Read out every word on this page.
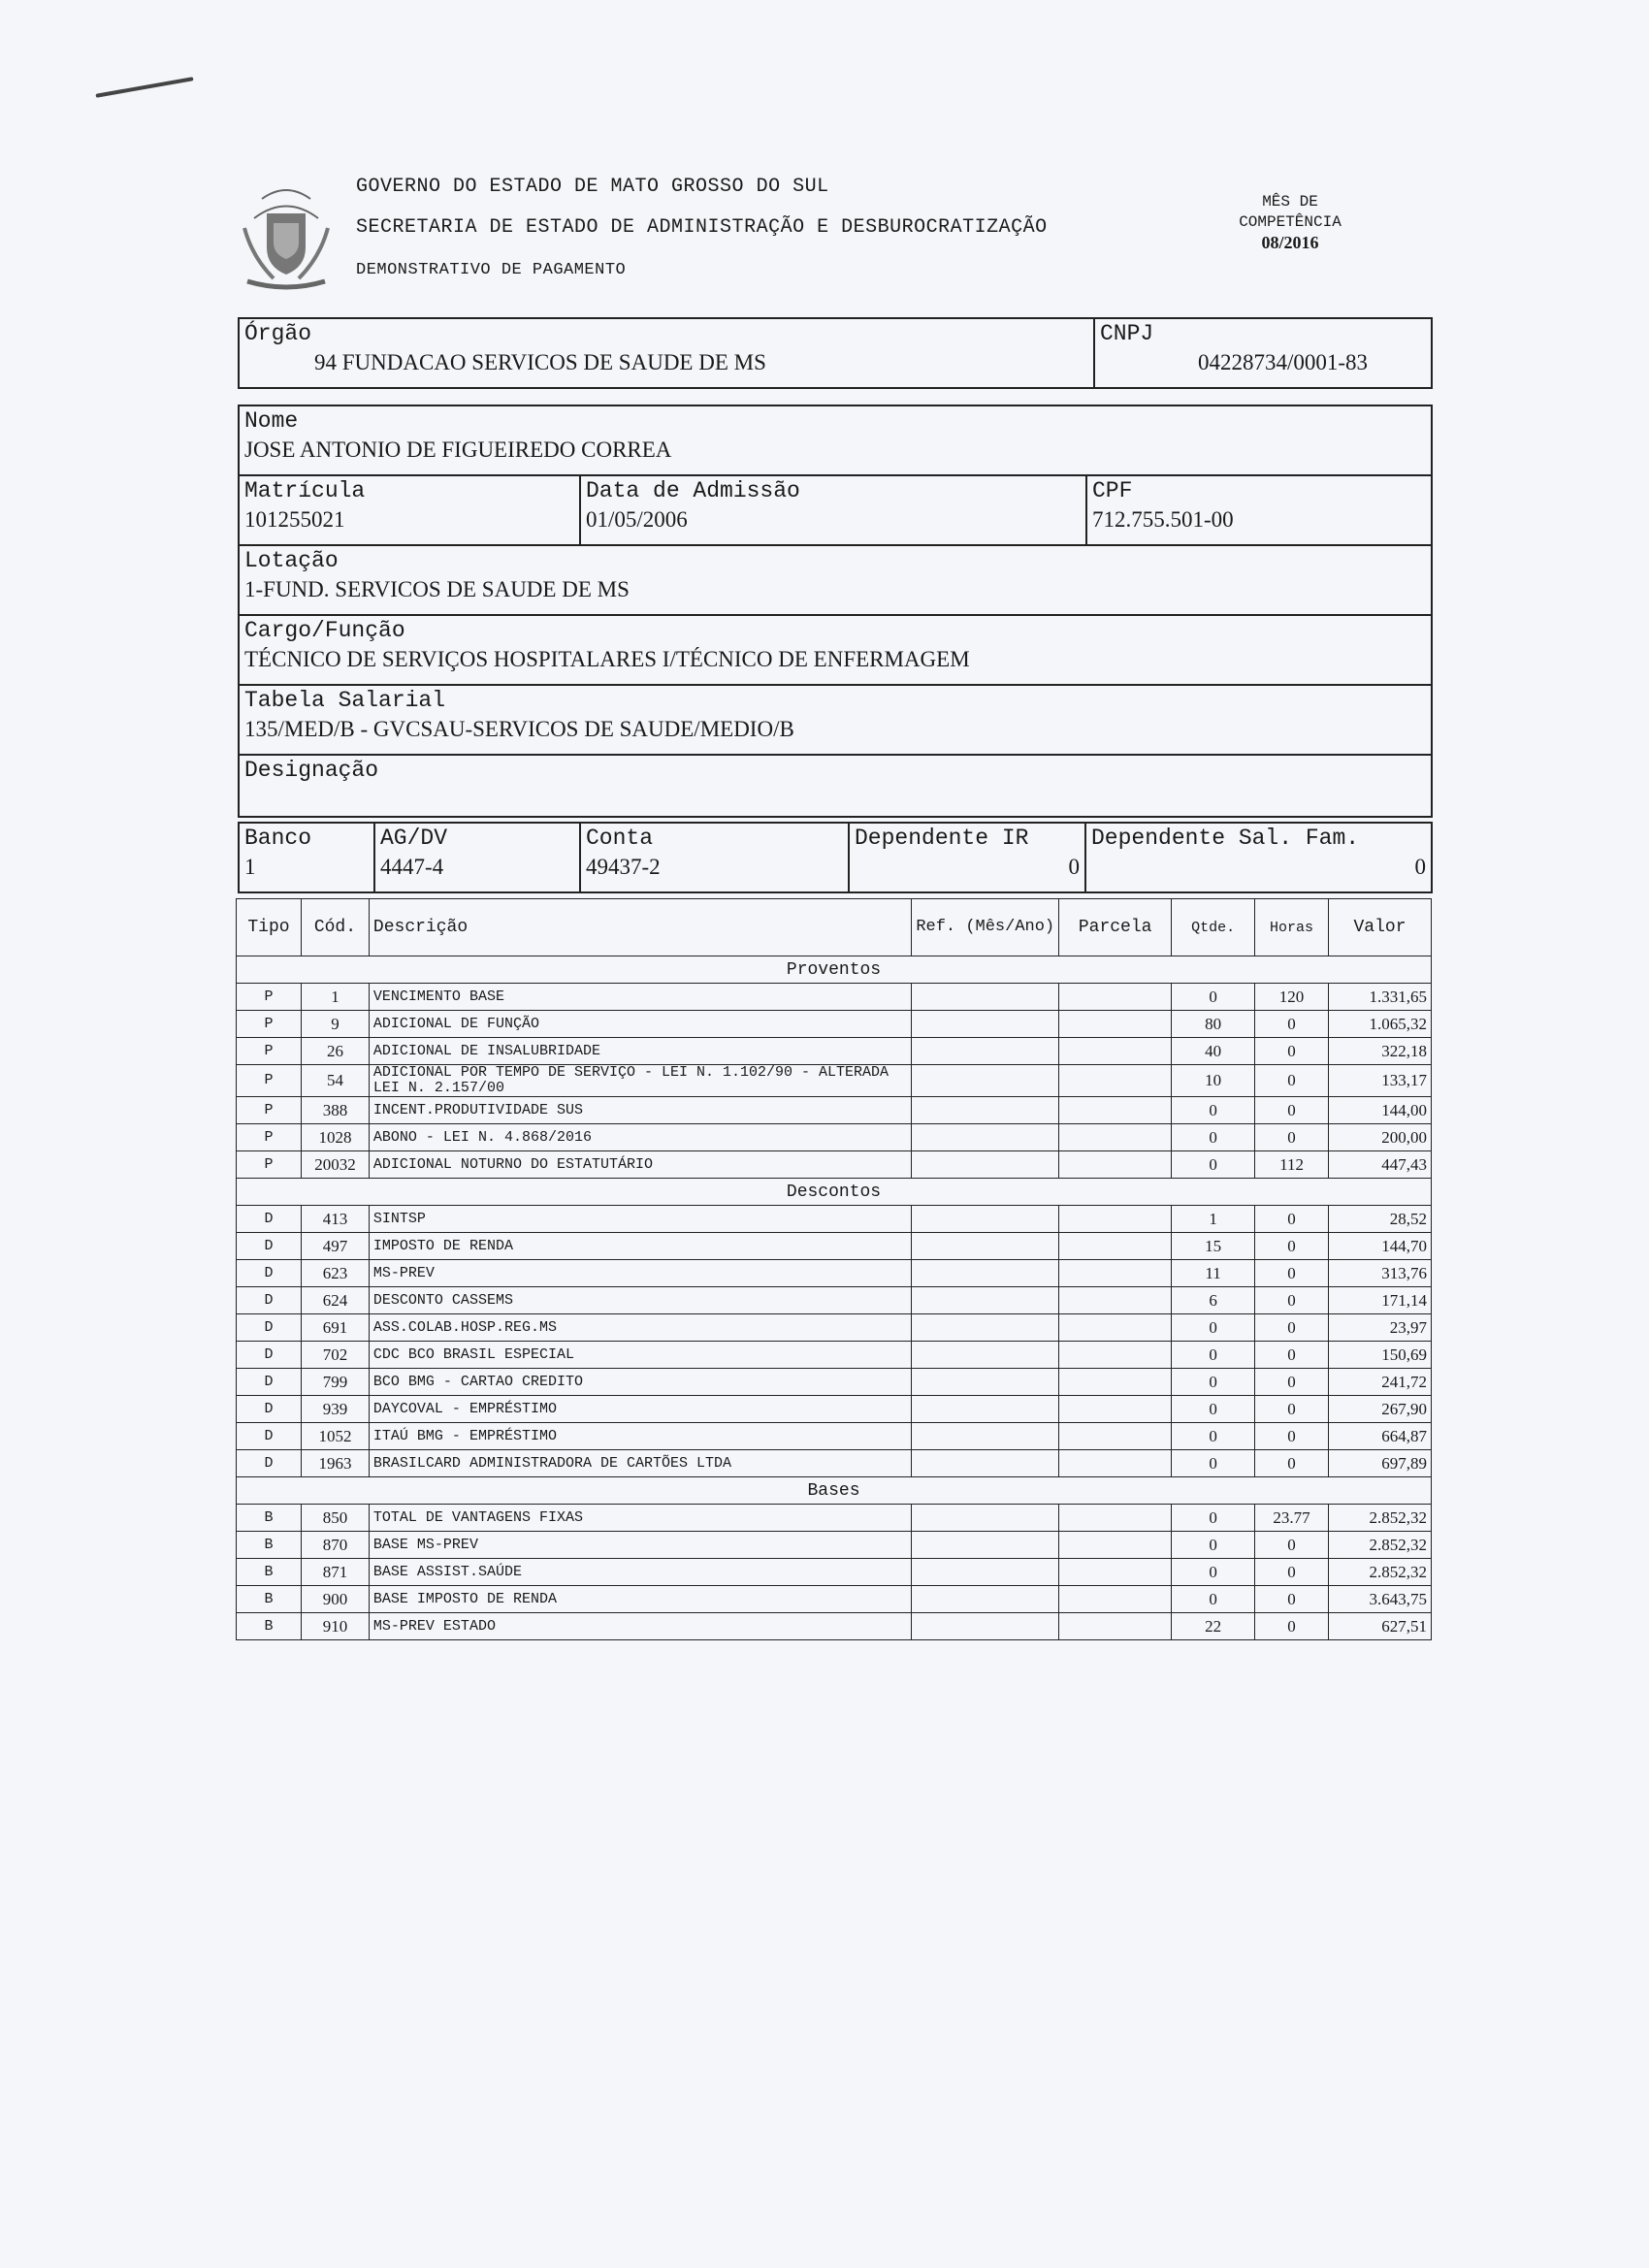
GOVERNO DO ESTADO DE MATO GROSSO DO SUL
SECRETARIA DE ESTADO DE ADMINISTRAÇÃO E DESBUROCRATIZAÇÃO
DEMONSTRATIVO DE PAGAMENTO
MÊS DE
COMPETÊNCIA
08/2016
Órgão
94 FUNDACAO SERVICOS DE SAUDE DE MS

CNPJ
04228734/0001-83
Nome
JOSE ANTONIO DE FIGUEIREDO CORREA

Matrícula
101255021

Data de Admissão
01/05/2006

CPF
712.755.501-00

Lotação
1-FUND. SERVICOS DE SAUDE DE MS

Cargo/Função
TÉCNICO DE SERVIÇOS HOSPITALARES I/TÉCNICO DE ENFERMAGEM

Tabela Salarial
135/MED/B - GVCSAU-SERVICOS DE SAUDE/MEDIO/B

Designação
Banco
1

AG/DV
4447-4

Conta
49437-2

Dependente IR
0

Dependente Sal. Fam.
0
Tipo	Cód.	Descrição	Ref. (Mês/Ano)	Parcela	Qtde.	Horas	Valor
Proventos							
P	1	VENCIMENTO BASE			0	120	1.331,65
P	9	ADICIONAL DE FUNÇÃO			80	0	1.065,32
P	26	ADICIONAL DE INSALUBRIDADE			40	0	322,18
P	54	ADICIONAL POR TEMPO DE SERVIÇO - LEI N. 1.102/90 - ALTERADA LEI N. 2.157/00			10	0	133,17
P	388	INCENT.PRODUTIVIDADE SUS			0	0	144,00
P	1028	ABONO - LEI N. 4.868/2016			0	0	200,00
P	20032	ADICIONAL NOTURNO DO ESTATUTÁRIO			0	112	447,43
Descontos							
D	413	SINTSP			1	0	28,52
D	497	IMPOSTO DE RENDA			15	0	144,70
D	623	MS-PREV			11	0	313,76
D	624	DESCONTO CASSEMS			6	0	171,14
D	691	ASS.COLAB.HOSP.REG.MS			0	0	23,97
D	702	CDC BCO BRASIL ESPECIAL			0	0	150,69
D	799	BCO BMG - CARTAO CREDITO			0	0	241,72
D	939	DAYCOVAL - EMPRÉSTIMO			0	0	267,90
D	1052	ITAÚ BMG - EMPRÉSTIMO			0	0	664,87
D	1963	BRASILCARD ADMINISTRADORA DE CARTÕES LTDA			0	0	697,89
Bases							
B	850	TOTAL DE VANTAGENS FIXAS			0	23.77	2.852,32
B	870	BASE MS-PREV			0	0	2.852,32
B	871	BASE ASSIST.SAÚDE			0	0	2.852,32
B	900	BASE IMPOSTO DE RENDA			0	0	3.643,75
B	910	MS-PREV ESTADO			22	0	627,51
